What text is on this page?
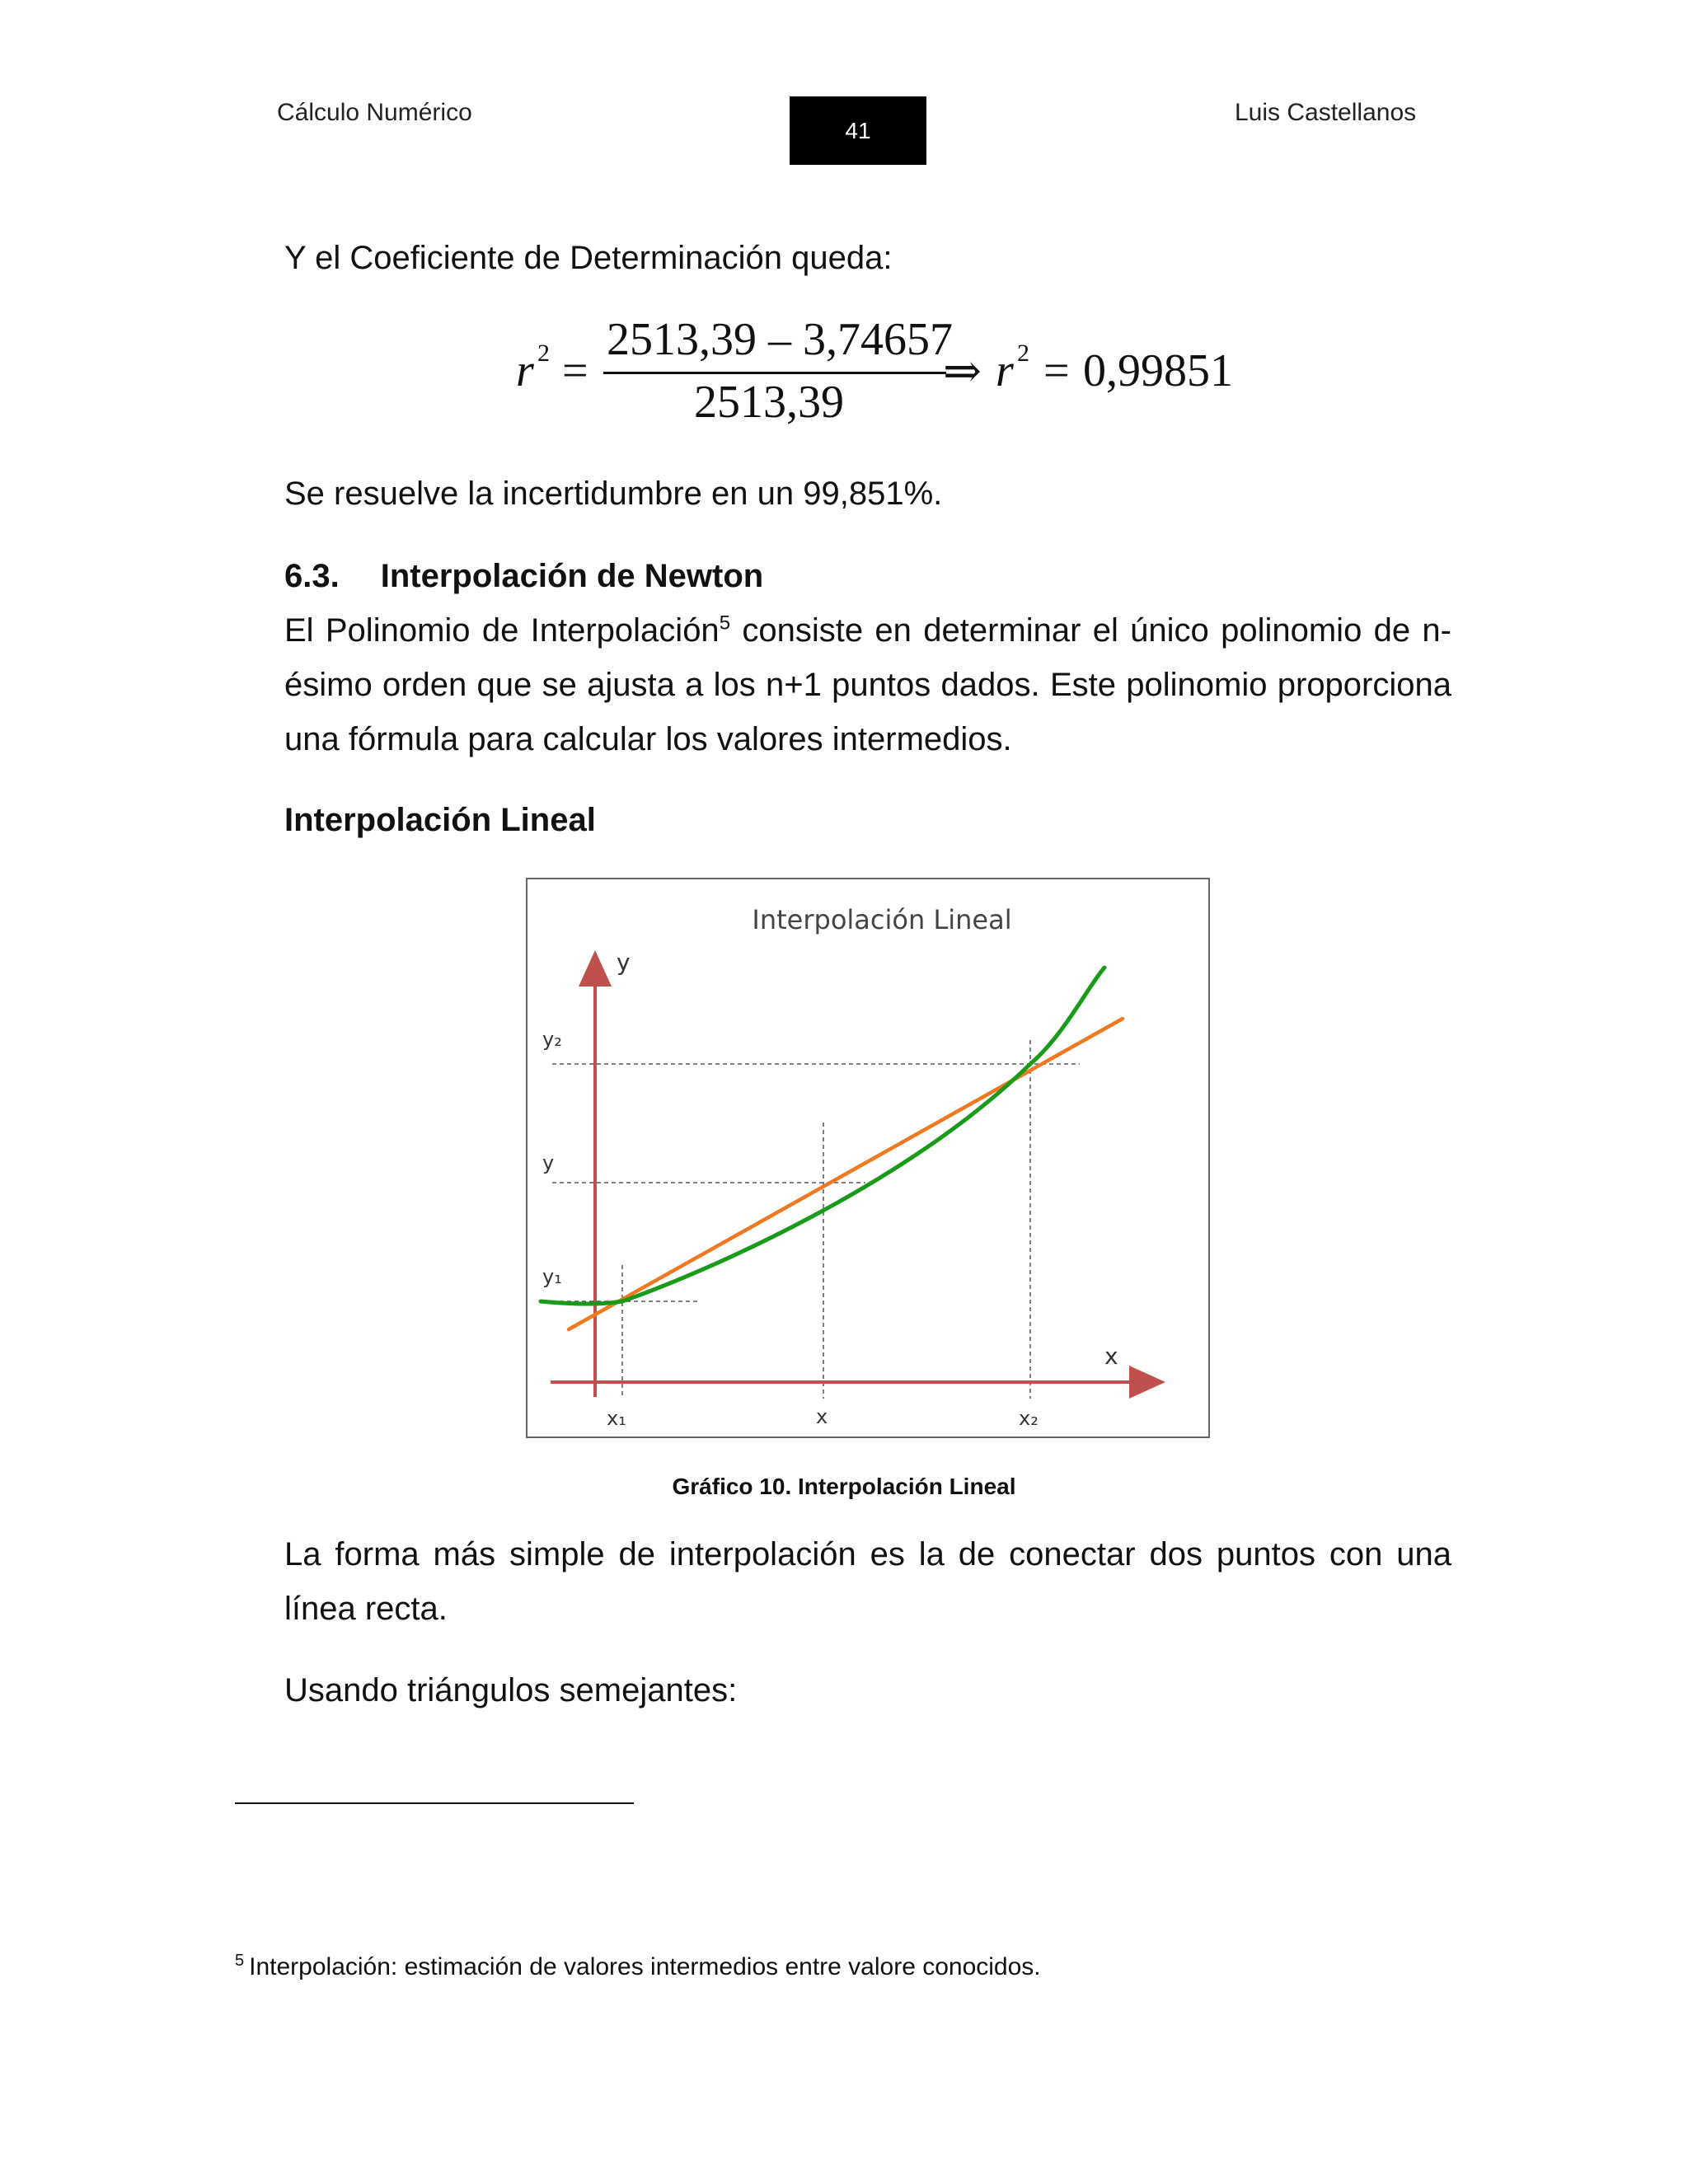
Cálculo Numérico
41
Luis Castellanos
Y el Coeficiente de Determinación queda:
r 2 =
2513,39 – 3,74657
2513,39
⇒ r 2 = 0,99851
Se resuelve la incertidumbre en un 99,851%.
6.3. Interpolación de Newton
El Polinomio de Interpolación$^5$ consiste en determinar el único polinomio de n-ésimo orden que se ajusta a los n+1 puntos dados. Este polinomio proporciona una fórmula para calcular los valores intermedios.
Interpolación Lineal
Interpolación Lineal
y
x
y₂
y
y₁
x₁	x	x₂
Gráfico 10. Interpolación Lineal
La forma más simple de interpolación es la de conectar dos puntos con una línea recta.
Usando triángulos semejantes:
$^5$ Interpolación: estimación de valores intermedios entre valore conocidos.
